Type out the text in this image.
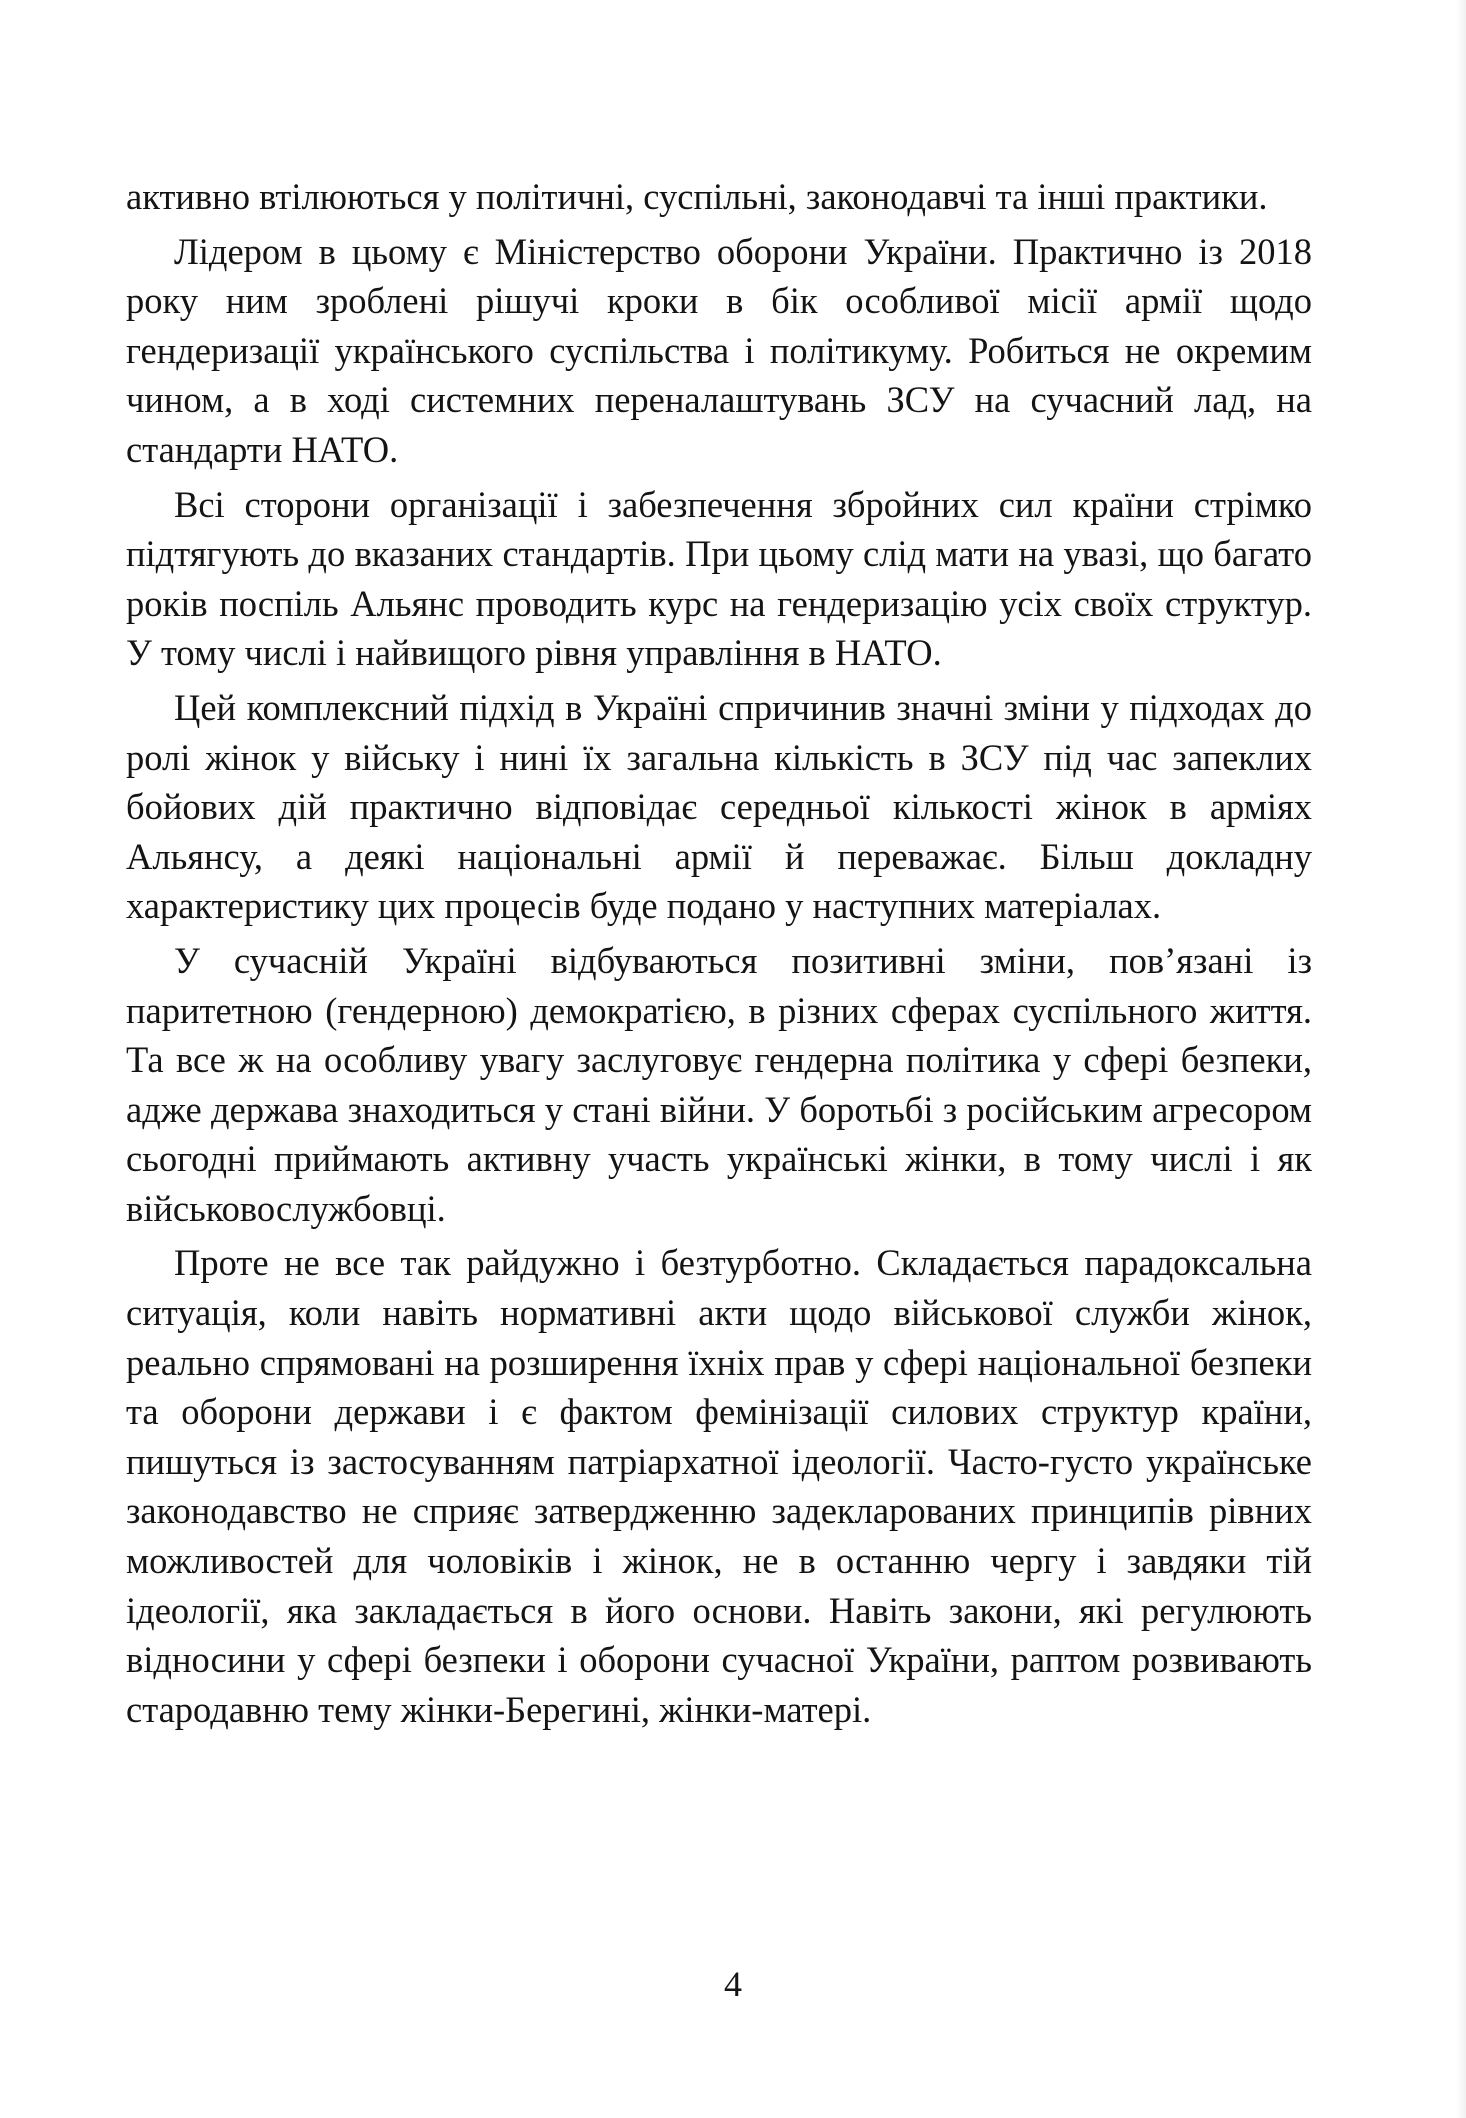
активно втілюються у політичні, суспільні, законодавчі та інші практики.

Лідером в цьому є Міністерство оборони України. Практично із 2018 року ним зроблені рішучі кроки в бік особливої місії армії щодо гендеризації українського суспільства і політикуму. Робиться не окремим чином, а в ході системних переналаштувань ЗСУ на сучасний лад, на стандарти НАТО.

Всі сторони організації і забезпечення збройних сил країни стрімко підтягують до вказаних стандартів. При цьому слід мати на увазі, що багато років поспіль Альянс проводить курс на гендеризацію усіх своїх структур. У тому числі і найвищого рівня управління в НАТО.

Цей комплексний підхід в Україні спричинив значні зміни у підходах до ролі жінок у війську і нині їх загальна кількість в ЗСУ під час запеклих бойових дій практично відповідає середньої кількості жінок в арміях Альянсу, а деякі національні армії й переважає. Більш докладну характеристику цих процесів буде подано у наступних матеріалах.

У сучасній Україні відбуваються позитивні зміни, пов’язані із паритетною (гендерною) демократією, в різних сферах суспільного життя. Та все ж на особливу увагу заслуговує гендерна політика у сфері безпеки, адже держава знаходиться у стані війни. У боротьбі з російським агресором сьогодні приймають активну участь українські жінки, в тому числі і як військовослужбовці.

Проте не все так райдужно і безтурботно. Складається парадоксальна ситуація, коли навіть нормативні акти щодо військової служби жінок, реально спрямовані на розширення їхніх прав у сфері національної безпеки та оборони держави і є фактом фемінізації силових структур країни, пишуться із застосуванням патріархатної ідеології. Часто-густо українське законодавство не сприяє затвердженню задекларованих принципів рівних можливостей для чоловіків і жінок, не в останню чергу і завдяки тій ідеології, яка закладається в його основи. Навіть закони, які регулюють відносини у сфері безпеки і оборони сучасної України, раптом розвивають стародавню тему жінки-Берегині, жінки-матері.

4
